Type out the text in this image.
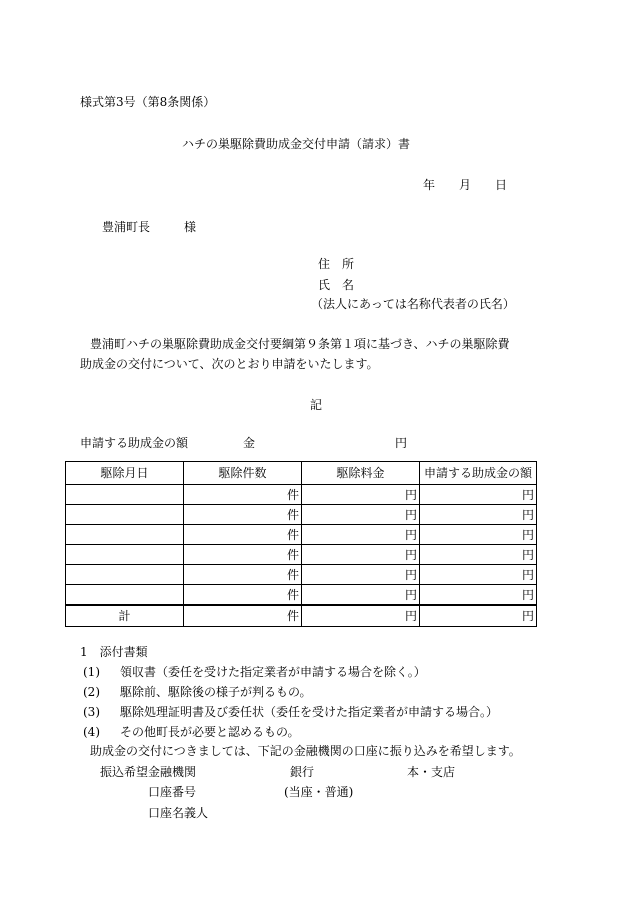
様式第3号（第8条関係）
ハチの巣駆除費助成金交付申請（請求）書
年 月 日
豊浦町長	様
住　所
氏　名
（法人にあっては名称代表者の氏名）
豊浦町ハチの巣駆除費助成金交付要綱第９条第１項に基づき、ハチの巣駆除費
助成金の交付について、次のとおり申請をいたします。
記
申請する助成金の額	金	円
駆除月日	駆除件数	駆除料金	申請する助成金の額
	件	円	円
	件	円	円
	件	円	円
	件	円	円
	件	円	円
	件	円	円
計	件	円	円
1　添付書類
(1) 領収書（委任を受けた指定業者が申請する場合を除く。）
(2) 駆除前、駆除後の様子が判るもの。
(3) 駆除処理証明書及び委任状（委任を受けた指定業者が申請する場合。）
(4) その他町長が必要と認めるもの。
助成金の交付につきましては、下記の金融機関の口座に振り込みを希望します。
振込希望金融機関	銀行	本・支店
口座番号	(当座・普通)
口座名義人
